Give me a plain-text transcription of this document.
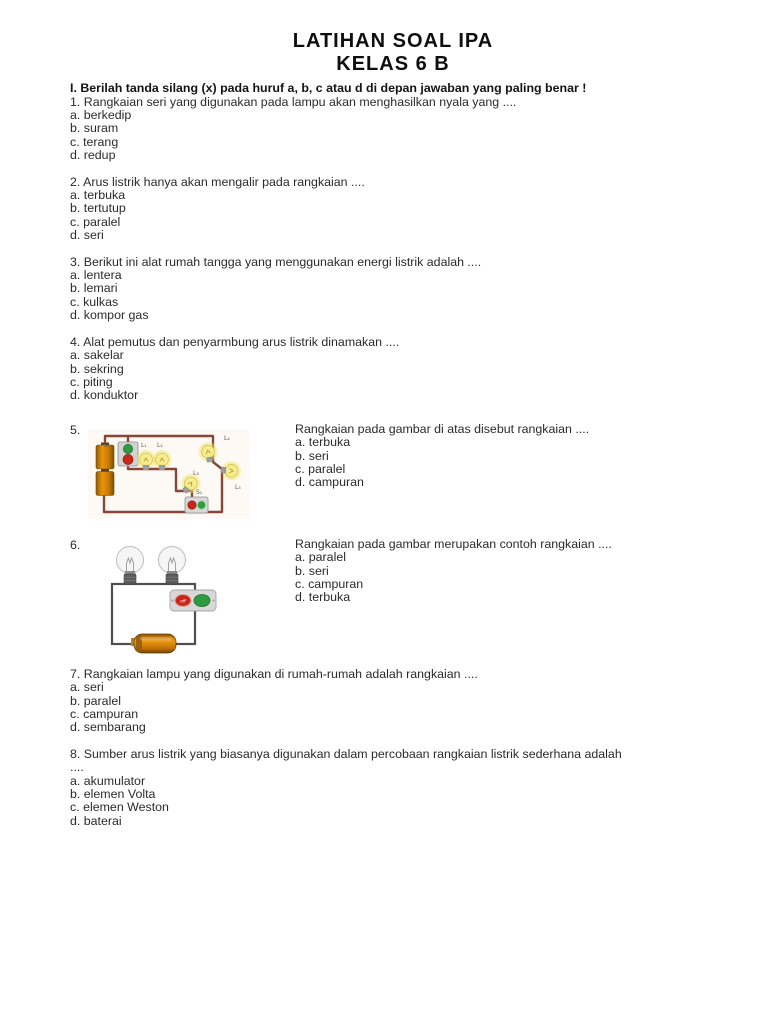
LATIHAN SOAL IPA
KELAS 6 B
I. Berilah tanda silang (x) pada huruf a, b, c atau d di depan jawaban yang paling benar !
1. Rangkaian seri yang digunakan pada lampu akan menghasilkan nyala yang ....
a. berkedip
b. suram
c. terang
d. redup
2. Arus listrik hanya akan mengalir pada rangkaian ....
a. terbuka
b. tertutup
c. paralel
d. seri
3. Berikut ini alat rumah tangga yang menggunakan energi listrik adalah ....
a. lentera
b. lemari
c. kulkas
d. kompor gas
4. Alat pemutus dan penyarmbung arus listrik dinamakan ....
a. sakelar
b. sekring
c. piting
d. konduktor
5.
S₀	L₁ L₂
L₃
L₄
L₅
S₁
Rangkaian pada gambar di atas disebut rangkaian ....
a. terbuka
b. seri
c. paralel
d. campuran
6.
off
Rangkaian pada gambar merupakan contoh rangkaian ....
a. paralel
b. seri
c. campuran
d. terbuka
7. Rangkaian lampu yang digunakan di rumah-rumah adalah rangkaian ....
a. seri
b. paralel
c. campuran
d. sembarang
8. Sumber arus listrik yang biasanya digunakan dalam percobaan rangkaian listrik sederhana adalah
....
a. akumulator
b. elemen Volta
c. elemen Weston
d. baterai
